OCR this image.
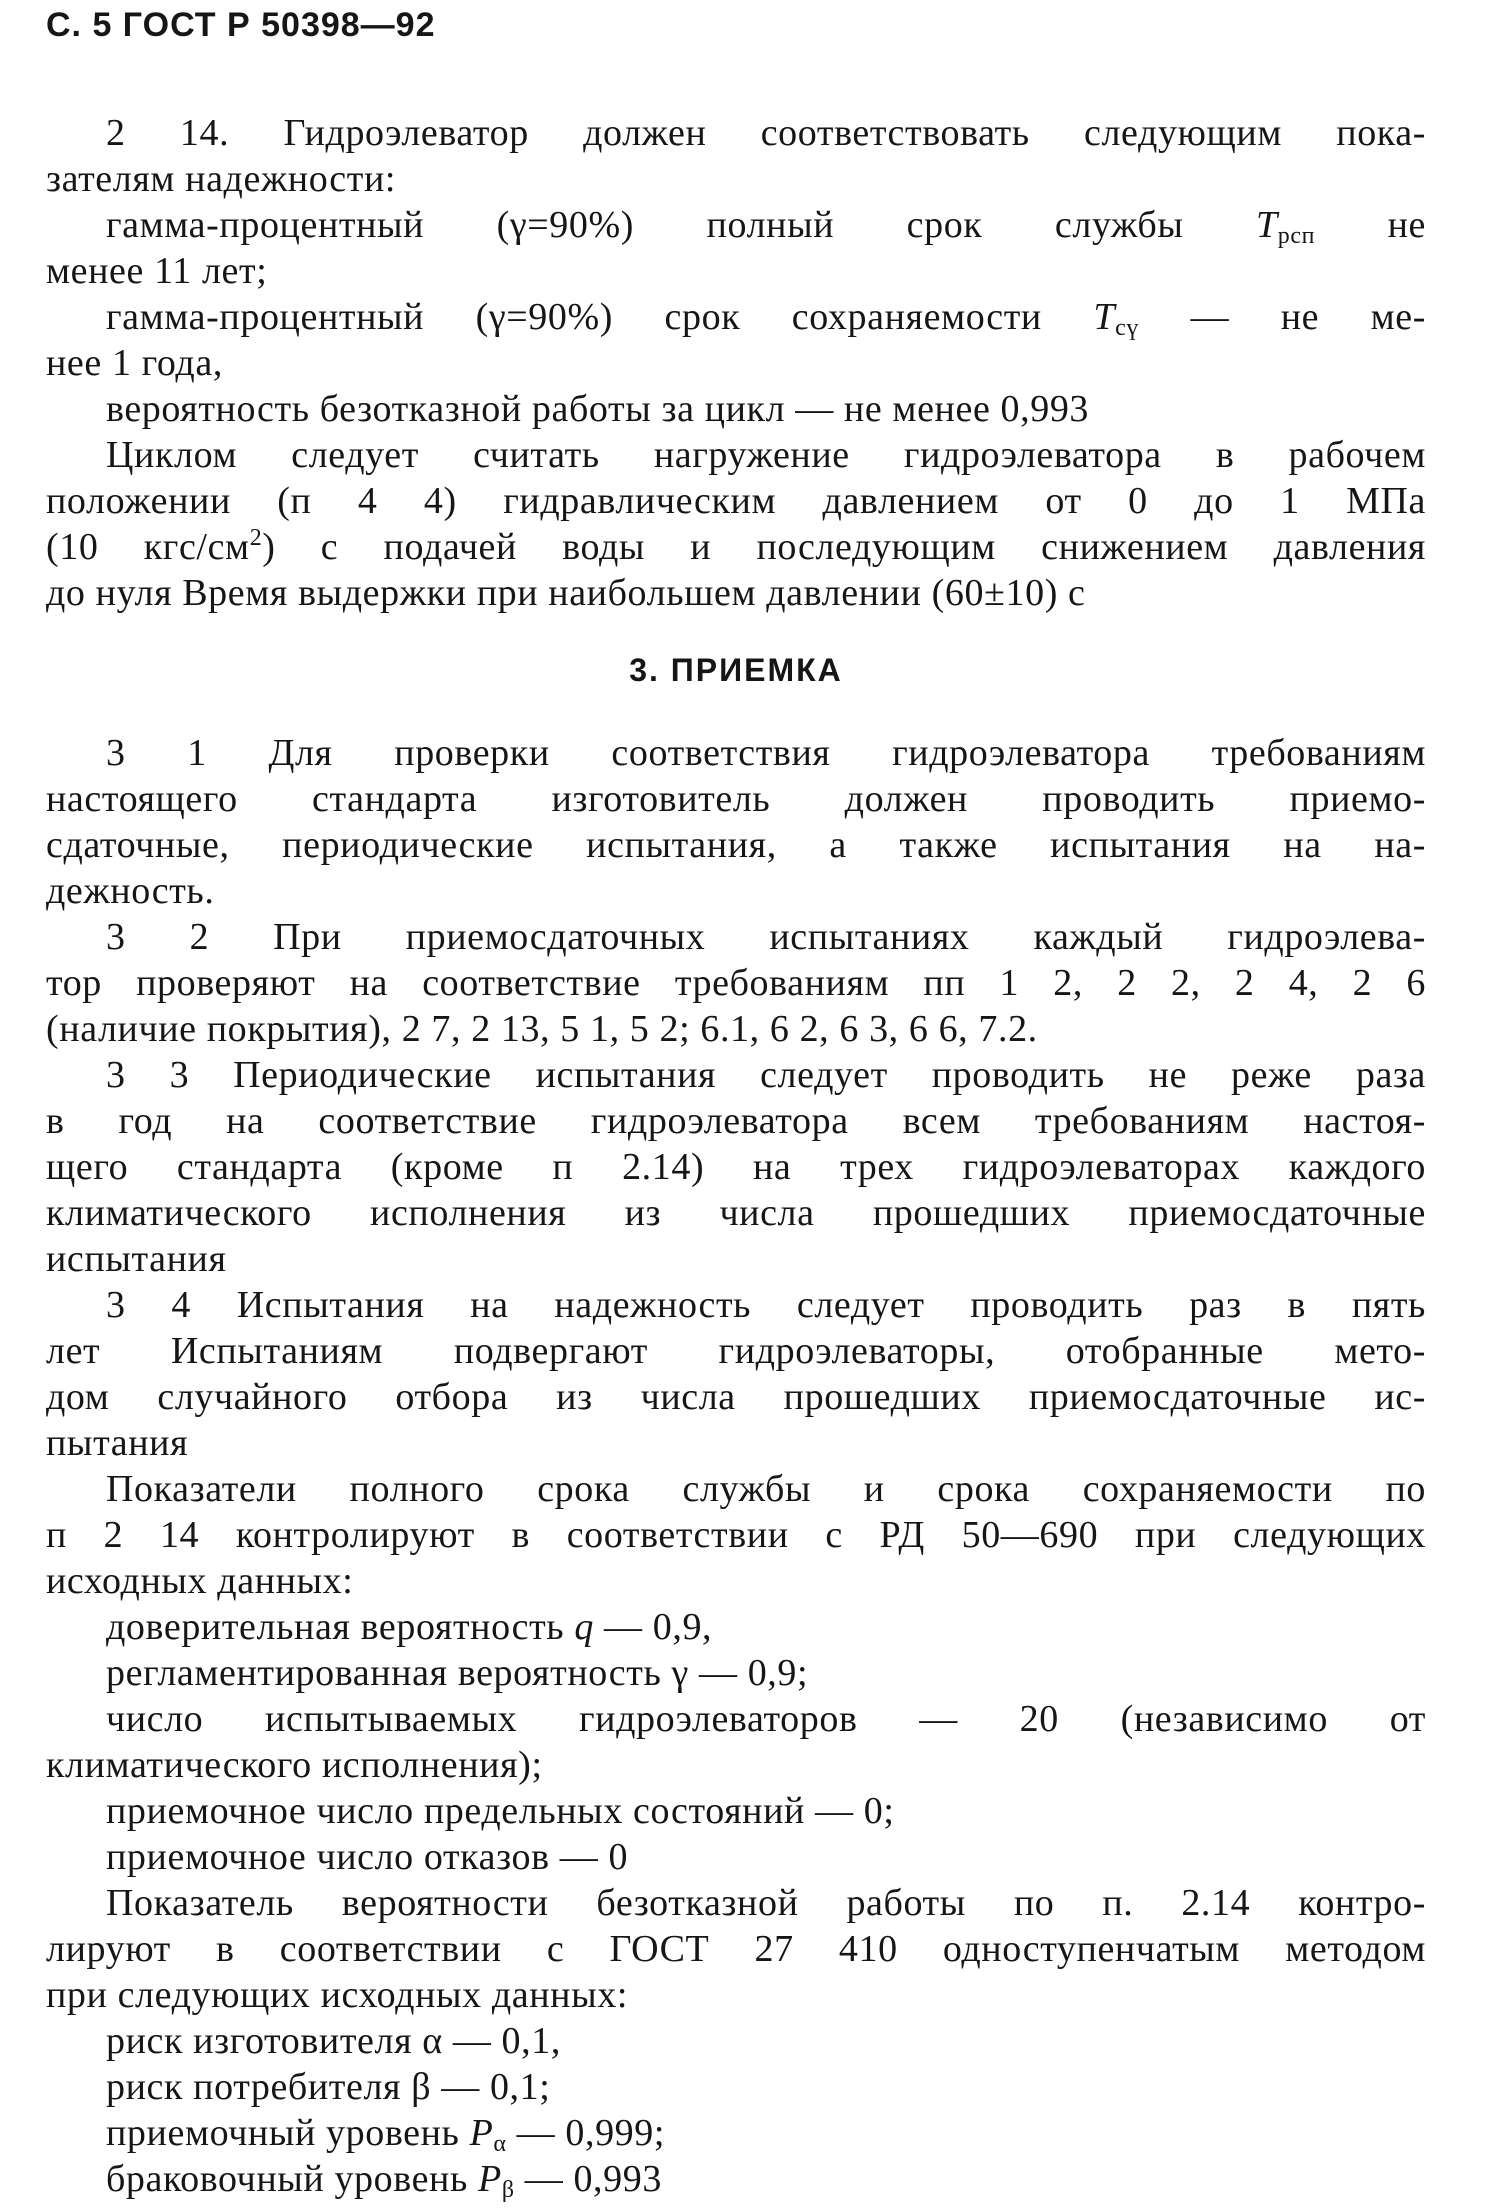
С. 5 ГОСТ Р 50398—92
2 14. Гидроэлеватор должен соответствовать следующим пока-
зателям надежности:
гамма-процентный (γ=90%) полный срок службы $T_{рсп}$ не
менее 11 лет;
гамма-процентный (γ=90%) срок сохраняемости $T_{сү}$ — не ме-
нее 1 года,
вероятность безотказной работы за цикл — не менее 0,993
Циклом следует считать нагружение гидроэлеватора в рабочем
положении (п 4 4) гидравлическим давлением от 0 до 1 МПа
(10 кгс/$см^2$) с подачей воды и последующим снижением давления
до нуля Время выдержки при наибольшем давлении (60±10) с
3. ПРИЕМКА
3 1 Для проверки соответствия гидроэлеватора требованиям
настоящего стандарта изготовитель должен проводить приемо-
сдаточные, периодические испытания, а также испытания на на-
дежность.
3 2 При приемосдаточных испытаниях каждый гидроэлева-
тор проверяют на соответствие требованиям пп 1 2, 2 2, 2 4, 2 6
(наличие покрытия), 2 7, 2 13, 5 1, 5 2; 6.1, 6 2, 6 3, 6 6, 7.2.
3 3 Периодические испытания следует проводить не реже раза
в год на соответствие гидроэлеватора всем требованиям настоя-
щего стандарта (кроме п 2.14) на трех гидроэлеваторах каждого
климатического исполнения из числа прошедших приемосдаточные
испытания
3 4 Испытания на надежность следует проводить раз в пять
лет Испытаниям подвергают гидроэлеваторы, отобранные мето-
дом случайного отбора из числа прошедших приемосдаточные ис-
пытания
Показатели полного срока службы и срока сохраняемости по
п 2 14 контролируют в соответствии с РД 50—690 при следующих
исходных данных:
доверительная вероятность q — 0,9,
регламентированная вероятность γ — 0,9;
число испытываемых гидроэлеваторов — 20 (независимо от
климатического исполнения);
приемочное число предельных состояний — 0;
приемочное число отказов — 0
Показатель вероятности безотказной работы по п. 2.14 контро-
лируют в соответствии с ГОСТ 27 410 одноступенчатым методом
при следующих исходных данных:
риск изготовителя α — 0,1,
риск потребителя β — 0,1;
приемочный уровень $P_\alpha$ — 0,999;
браковочный уровень $P_\beta$ — 0,993
